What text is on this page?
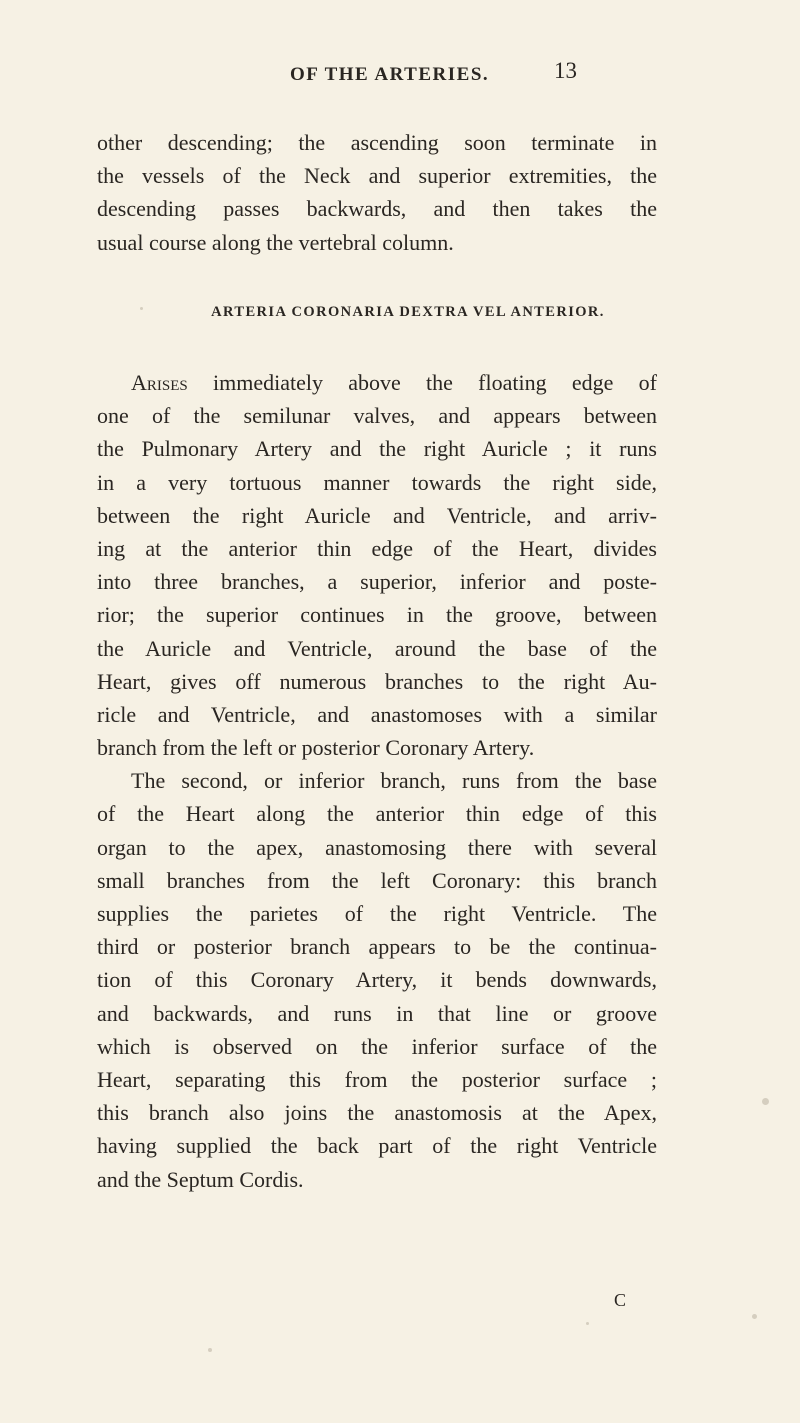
OF THE ARTERIES.	13
other descending; the ascending soon terminate in
the vessels of the Neck and superior extremities, the
descending passes backwards, and then takes the
usual course along the vertebral column.
ARTERIA CORONARIA DEXTRA VEL ANTERIOR.
Arises immediately above the floating edge of
one of the semilunar valves, and appears between
the Pulmonary Artery and the right Auricle ; it runs
in a very tortuous manner towards the right side,
between the right Auricle and Ventricle, and arriv-
ing at the anterior thin edge of the Heart, divides
into three branches, a superior, inferior and poste-
rior; the superior continues in the groove, between
the Auricle and Ventricle, around the base of the
Heart, gives off numerous branches to the right Au-
ricle and Ventricle, and anastomoses with a similar
branch from the left or posterior Coronary Artery.
The second, or inferior branch, runs from the base
of the Heart along the anterior thin edge of this
organ to the apex, anastomosing there with several
small branches from the left Coronary: this branch
supplies the parietes of the right Ventricle. The
third or posterior branch appears to be the continua-
tion of this Coronary Artery, it bends downwards,
and backwards, and runs in that line or groove
which is observed on the inferior surface of the
Heart, separating this from the posterior surface ;
this branch also joins the anastomosis at the Apex,
having supplied the back part of the right Ventricle
and the Septum Cordis.
C
